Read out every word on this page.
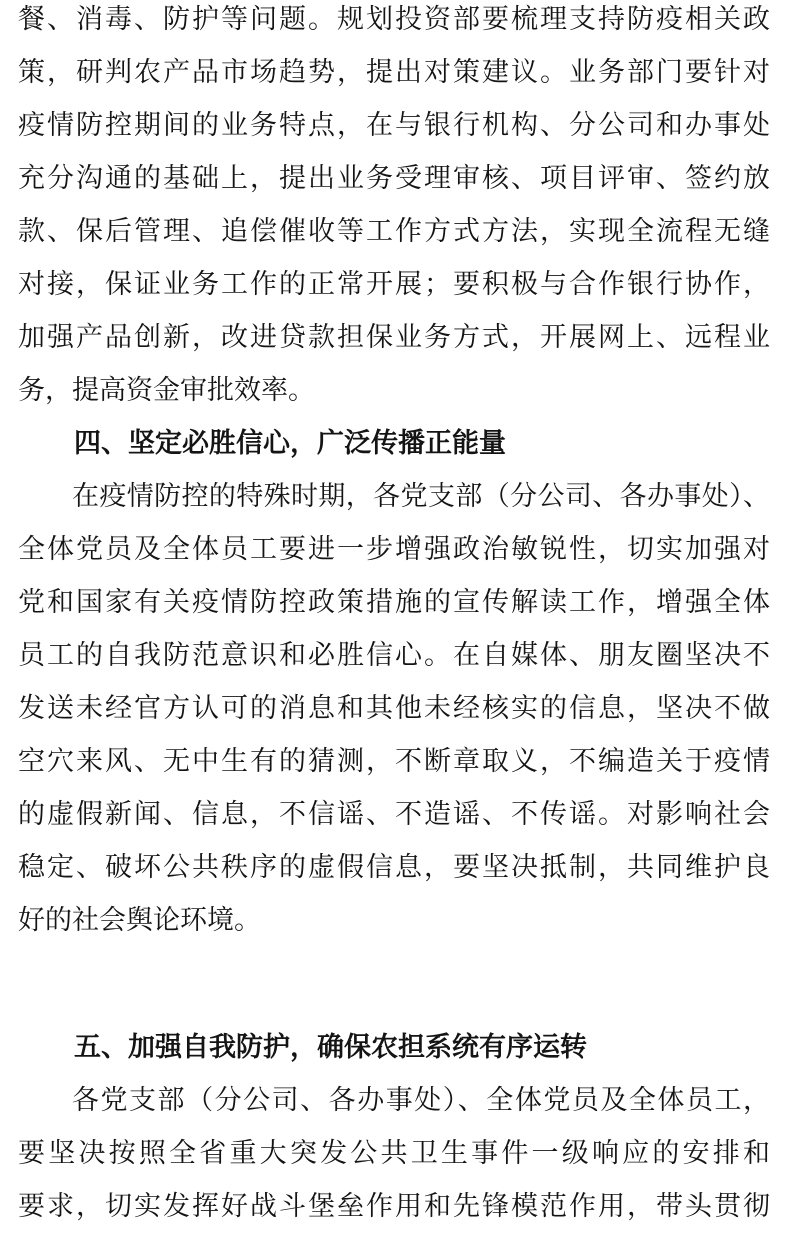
餐、消毒、防护等问题。规划投资部要梳理支持防疫相关政
策，研判农产品市场趋势，提出对策建议。业务部门要针对
疫情防控期间的业务特点，在与银行机构、分公司和办事处
充分沟通的基础上，提出业务受理审核、项目评审、签约放
款、保后管理、追偿催收等工作方式方法，实现全流程无缝
对接，保证业务工作的正常开展；要积极与合作银行协作，
加强产品创新，改进贷款担保业务方式，开展网上、远程业
务，提高资金审批效率。
四、坚定必胜信心，广泛传播正能量
在疫情防控的特殊时期，各党支部（分公司、各办事处）、
全体党员及全体员工要进一步增强政治敏锐性，切实加强对
党和国家有关疫情防控政策措施的宣传解读工作，增强全体
员工的自我防范意识和必胜信心。在自媒体、朋友圈坚决不
发送未经官方认可的消息和其他未经核实的信息，坚决不做
空穴来风、无中生有的猜测，不断章取义，不编造关于疫情
的虚假新闻、信息，不信谣、不造谣、不传谣。对影响社会
稳定、破坏公共秩序的虚假信息，要坚决抵制，共同维护良
好的社会舆论环境。
五、加强自我防护，确保农担系统有序运转
各党支部（分公司、各办事处）、全体党员及全体员工，
要坚决按照全省重大突发公共卫生事件一级响应的安排和
要求，切实发挥好战斗堡垒作用和先锋模范作用，带头贯彻
